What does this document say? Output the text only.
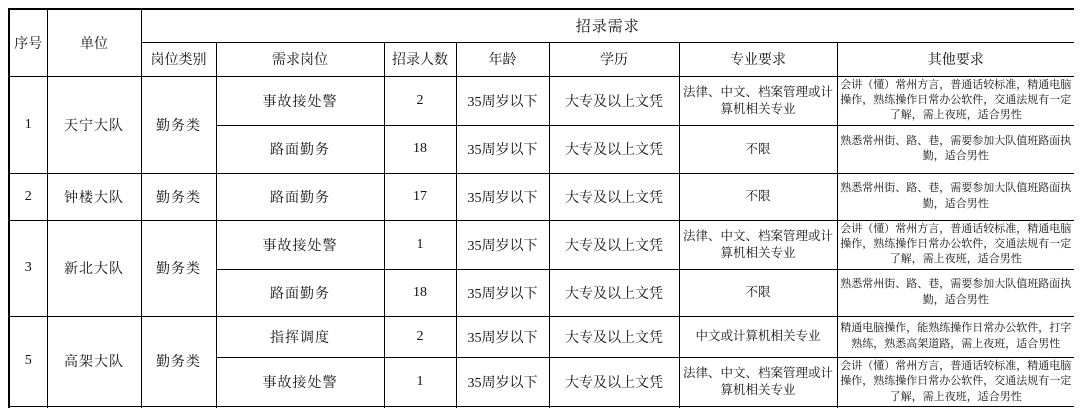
序号	单位	招录需求						
		岗位类别	需求岗位	招录人数	年龄	学历	专业要求	其他要求
1	天宁大队	勤务类	事故接处警	2	35周岁以下	大专及以上文凭	法律、中文、档案管理或计算机相关专业	会讲（懂）常州方言，普通话较标准，精通电脑操作，熟练操作日常办公软件，交通法规有一定了解，需上夜班，适合男性
			路面勤务	18	35周岁以下	大专及以上文凭	不限	熟悉常州街、路、巷，需要参加大队值班路面执勤，适合男性
2	钟楼大队	勤务类	路面勤务	17	35周岁以下	大专及以上文凭	不限	熟悉常州街、路、巷，需要参加大队值班路面执勤，适合男性
3	新北大队	勤务类	事故接处警	1	35周岁以下	大专及以上文凭	法律、中文、档案管理或计算机相关专业	会讲（懂）常州方言，普通话较标准，精通电脑操作，熟练操作日常办公软件，交通法规有一定了解，需上夜班，适合男性
			路面勤务	18	35周岁以下	大专及以上文凭	不限	熟悉常州街、路、巷，需要参加大队值班路面执勤，适合男性
5	高架大队	勤务类	指挥调度	2	35周岁以下	大专及以上文凭	中文或计算机相关专业	精通电脑操作，能熟练操作日常办公软件，打字熟练，熟悉高架道路，需上夜班，适合男性
			事故接处警	1	35周岁以下	大专及以上文凭	法律、中文、档案管理或计算机相关专业	会讲（懂）常州方言，普通话较标准，精通电脑操作，熟练操作日常办公软件，交通法规有一定了解，需上夜班，适合男性
